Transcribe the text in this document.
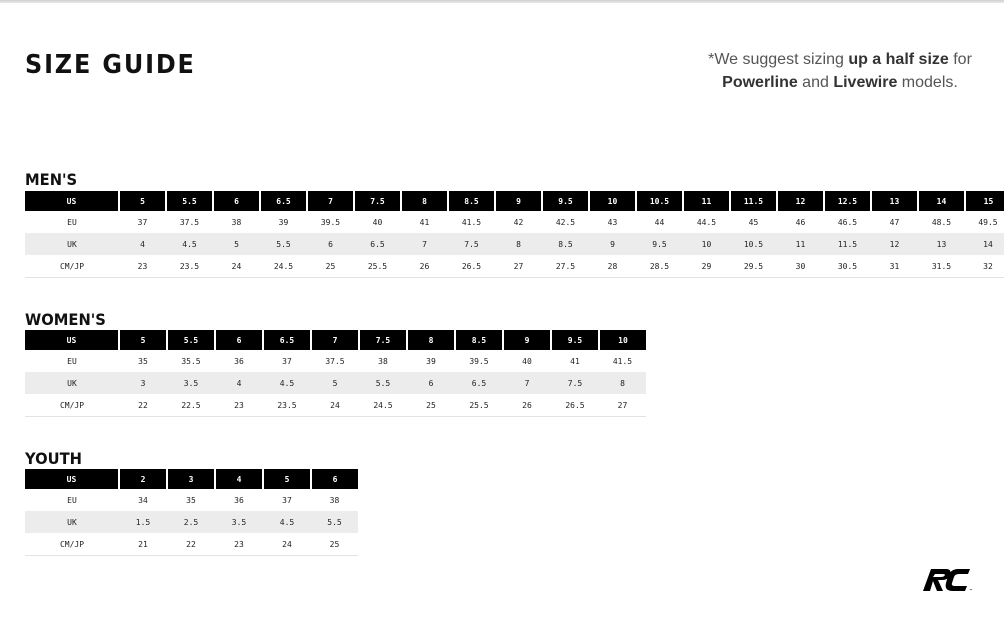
SIZE GUIDE	*We suggest sizing up a half size for
Powerline and Livewire models.
MEN'S
US	5	5.5	6	6.5	7	7.5	8	8.5	9	9.5	10	10.5	11	11.5	12	12.5	13	14	15
EU	37	37.5	38	39	39.5	40	41	41.5	42	42.5	43	44	44.5	45	46	46.5	47	48.5	49.5
UK	4	4.5	5	5.5	6	6.5	7	7.5	8	8.5	9	9.5	10	10.5	11	11.5	12	13	14
CM/JP	23	23.5	24	24.5	25	25.5	26	26.5	27	27.5	28	28.5	29	29.5	30	30.5	31	31.5	32
WOMEN'S
US	5	5.5	6	6.5	7	7.5	8	8.5	9	9.5	10
EU	35	35.5	36	37	37.5	38	39	39.5	40	41	41.5
UK	3	3.5	4	4.5	5	5.5	6	6.5	7	7.5	8
CM/JP	22	22.5	23	23.5	24	24.5	25	25.5	26	26.5	27
YOUTH
US	2	3	4	5	6
EU	34	35	36	37	38
UK	1.5	2.5	3.5	4.5	5.5
CM/JP	21	22	23	24	25
™
